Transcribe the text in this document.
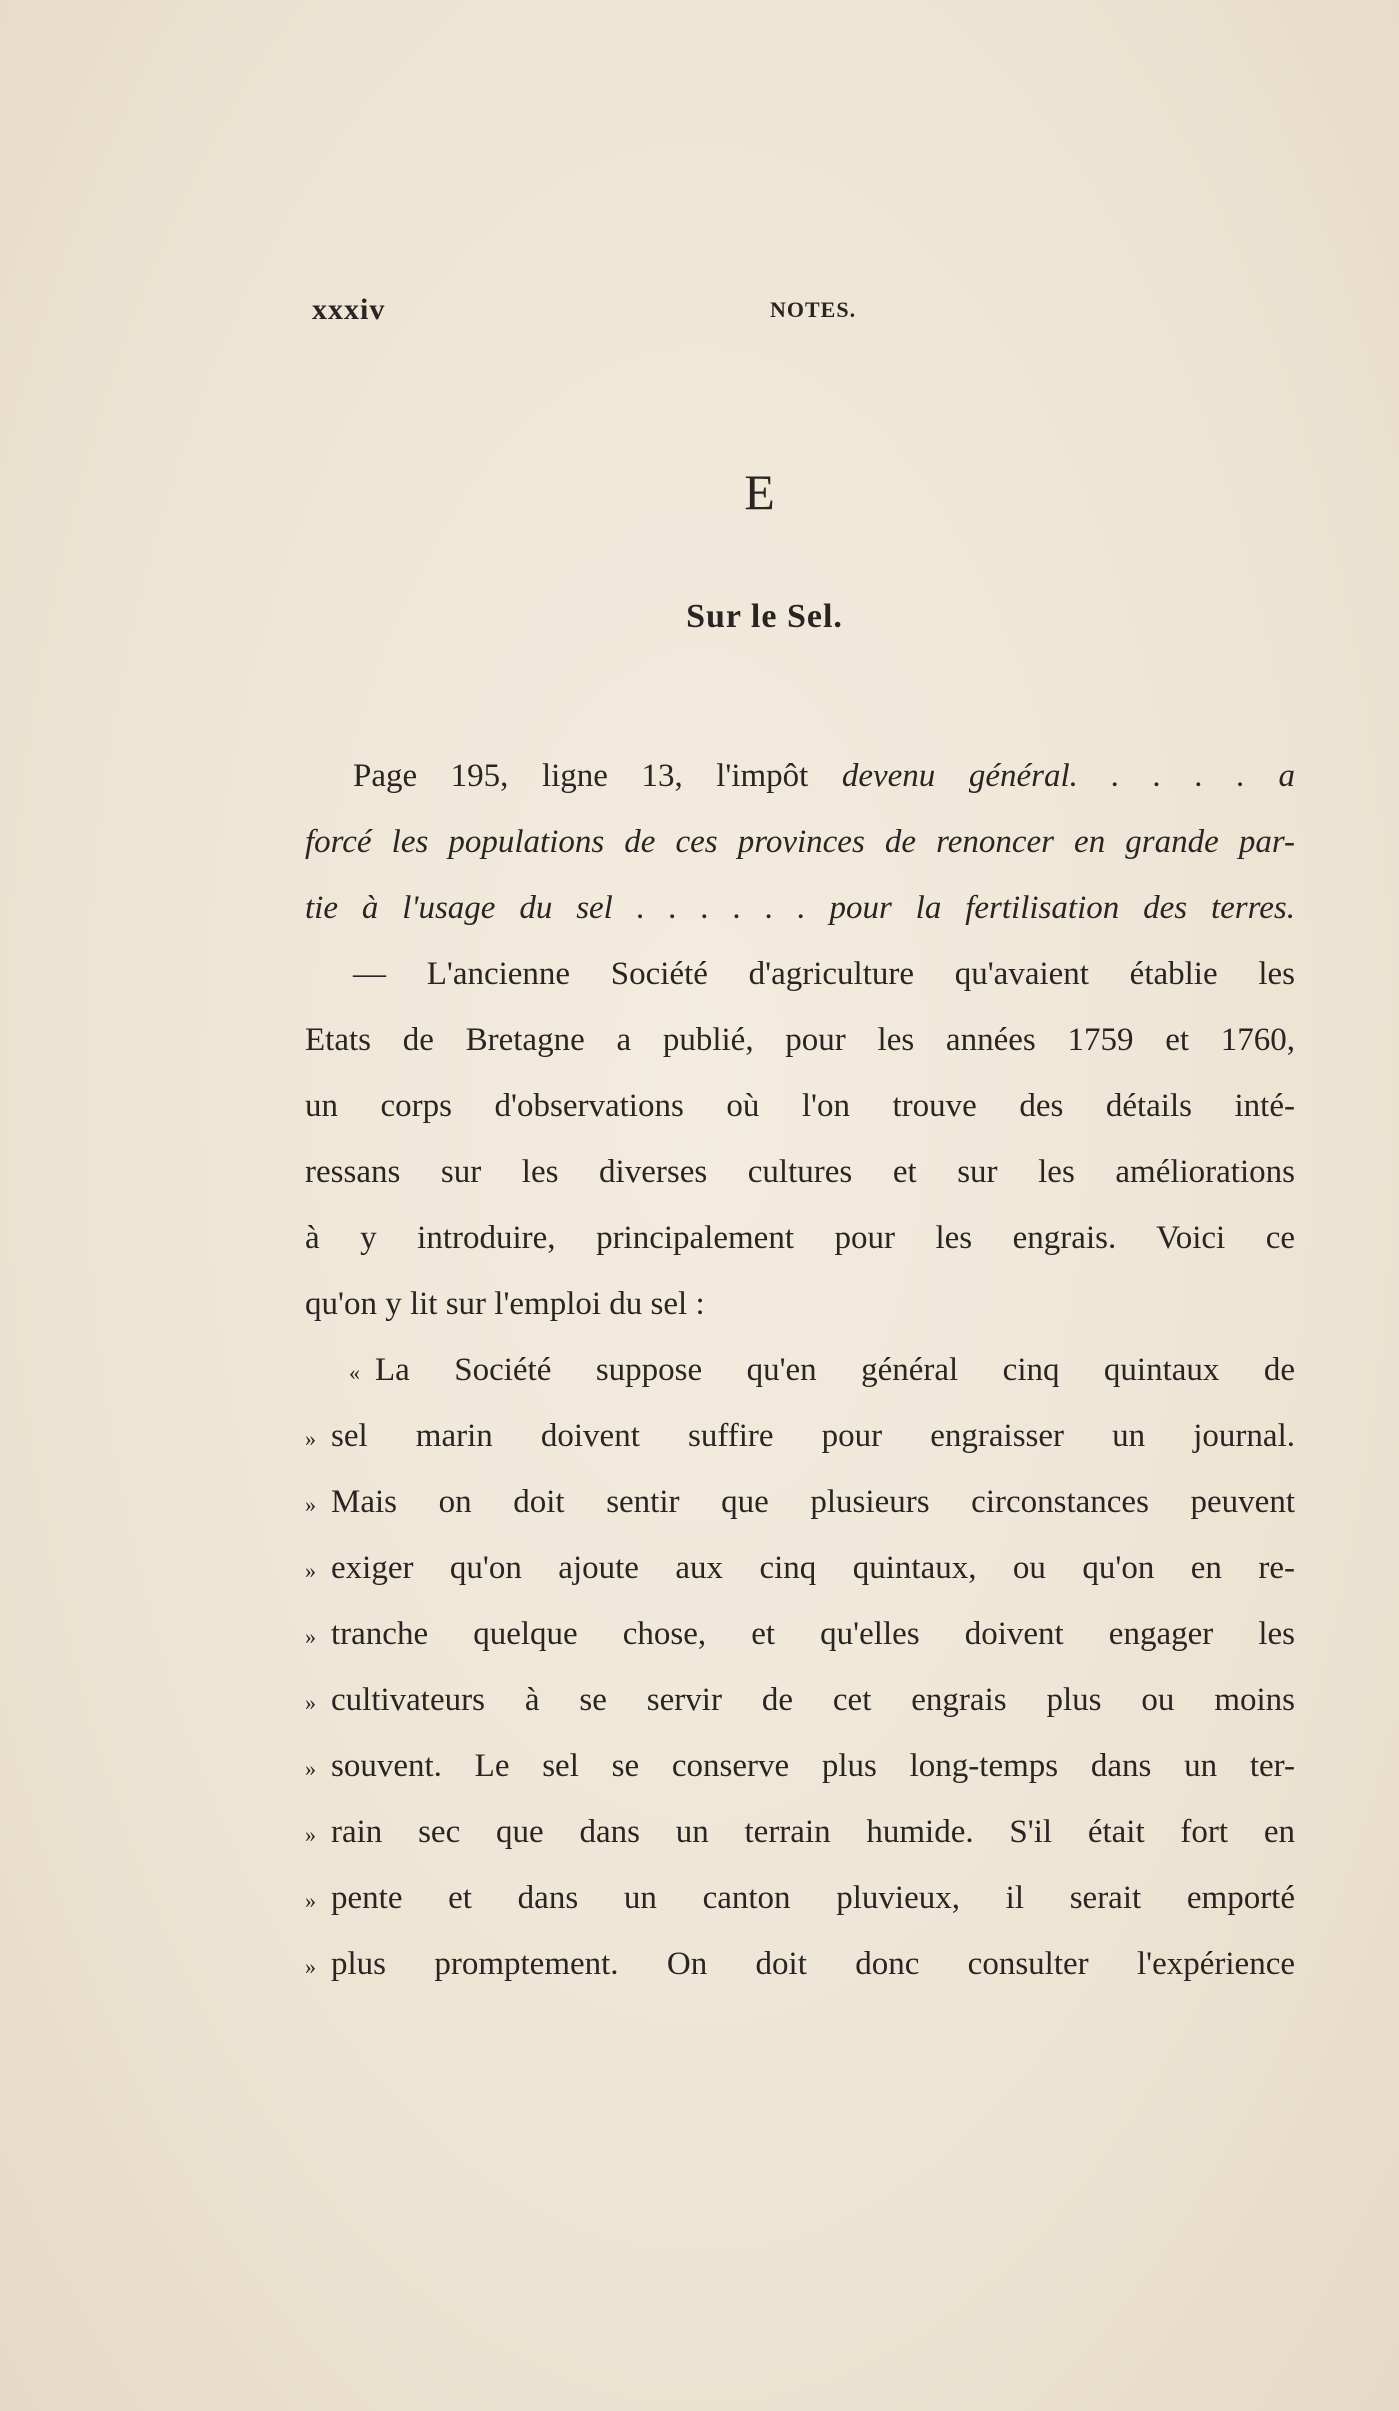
xxxiv	NOTES.
E
Sur le Sel.
Page 195, ligne 13, l'impôt devenu général. . . . . a
forcé les populations de ces provinces de renoncer en grande par-
tie à l'usage du sel . . . . . . pour la fertilisation des terres.
— L'ancienne Société d'agriculture qu'avaient établie les
Etats de Bretagne a publié, pour les années 1759 et 1760,
un corps d'observations où l'on trouve des détails inté-
ressans sur les diverses cultures et sur les améliorations
à y introduire, principalement pour les engrais. Voici ce
qu'on y lit sur l'emploi du sel :
« La Société suppose qu'en général cinq quintaux de
» sel marin doivent suffire pour engraisser un journal.
» Mais on doit sentir que plusieurs circonstances peuvent
» exiger qu'on ajoute aux cinq quintaux, ou qu'on en re-
» tranche quelque chose, et qu'elles doivent engager les
» cultivateurs à se servir de cet engrais plus ou moins
» souvent. Le sel se conserve plus long-temps dans un ter-
» rain sec que dans un terrain humide. S'il était fort en
» pente et dans un canton pluvieux, il serait emporté
» plus promptement. On doit donc consulter l'expérience
